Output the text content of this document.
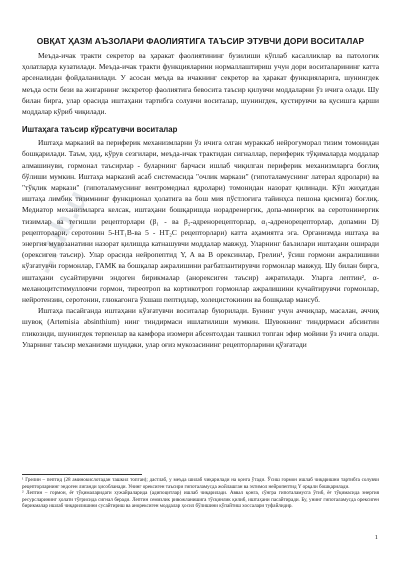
...ub.u
ОВҚАТ ҲАЗМ АЪЗОЛАРИ ФАОЛИЯТИГА ТАЪСИР ЭТУВЧИ ДОРИ ВОСИТАЛАР

Меъда-ичак тракти секретор ва ҳаракат фаолиятининг бузилиши кўплаб касалликлар ва патологик ҳолатларда кузатилади. Меъда-ичак тракти функцияларини нормаллаштириш учун дори воситаларининг катта арсеналидан фойдаланилади. У асосан меъда ва ичакнинг секретор ва ҳаракат функцияларига, шунингдек меъда ости бези ва жигарнинг экскретор фаолиятига бевосита таъсир қилувчи моддаларни ўз ичига олади. Шу билан бирга, улар орасида иштаҳани тартибга солувчи воситалар, шунингдек, қустирувчи ва қусишга қарши моддалар кўриб чиқилади.

Иштаҳага таъсир кўрсатувчи воситалар

Иштаҳа марказий ва периферик механизмларни ўз ичига олган мураккаб нейрогуморал тизим томонидан бошқарилади. Таъм, ҳид, кўрув сезгилари, меъда-ичак трактидан сигналлар, периферик тўқималарда моддалар алмашинуви, гормонал таъсирлар - буларнинг барчаси ишлаб чиқилган периферик механизмларга боғлиқ бўлиши мумкин. Иштаҳа марказий асаб системасида "очлик маркази" (гипоталамуснинг латерал ядролари) ва "тўқлик маркази" (гипоталамуснинг вентромедиал ядролари) томонидан назорат қилинади. Кўп жиҳатдан иштаҳа лимбик тизимнинг функционал ҳолатига ва бош мия пўстлоғига тайинҳса пешона қисмига) боғлиқ. Медиатор механизмларга келсак, иштаҳани бошқаришда норадренергик, допа-минергик ва серотонинергик тизимлар ва тегишли рецепторлари (β₁ - ва β₂-адренорецепторлар, α₁-адренорецепторлар, допамин Dj рецепторлари, серотонин 5-НТ₁В-ва 5 - НТ₂С рецепторлари) катта аҳамиятга эга. Организмда иштаҳа ва энергия мувозанатини назорат қилишда катнашувчи моддалар мавжуд. Уларнинг баъзилари иштаҳани оширади (орексиген таъсир). Улар орасида нейропептид Y, A ва В орексинлар, Грелин¹, ўсиш гормони ажралишини кўзғатувчи гормонлар, ГАМК ва бошқалар ажралишини рағбатлантирувчи гормонлар мавжуд. Шу билан бирга, иштаҳани сусайтирувчи эндоген бирикмалар (анорексиген таъсир) ажратилади. Уларга лептин², α-меланоцитстимулловчи гормон, тиреотроп ва кортикотроп гормонлар ажралишини кучайтирувчи гормонлар, нейротензин, серотонин, глюкагонга ўхшаш пептидлар, холецистокинин ва бошқалар мансуб.

Иштаҳа пасайганда иштаҳани кўзғатувчи воситалар буюрилади. Бунинг учун аччиқлар, масалан, аччиқ шувоқ (Artemisia absinthium) нинг тиндирмаси ишлатилиши мумкин. Шувокнинг тиндирмаси абсинтин гликозиди, шунингдек терпенлар ва камфора изомери абсентолдан ташкил топган эфир мойини ўз ичига олади. Уларнинг таъсир механизми шундаки, улар оғиз мукозасининг рецепторларини қўзғатади

¹ Грелин – пептид (28 аминокислотадан ташкил топган); дастлаб, у меъда шилаб чиқарилади на қонга ўтади. Ўсиш гормон ишлаб чиқаришни тартибга солувчи рецепторларнинг эндоген лиганди ҳисобланади. Унинг орексиген таъсири гипоталамусда жойлашган ва эхтимол нейропептид Y орқали бошқарилади.

² Лептин – гормон, ёғ тўқималаридаги хужайраларида (адипоцитлар) ишлаб чиқарилади. Аввал қонга, сўнгра гипоталамусга ўтиб, ёғ тўқимасида энергия ресурсларининг ҳолати тўғрисида сигнал беради. Лептин семизлик ривожланишига тўсқинлик қилиб, иштаҳани пасайтиради. Бу, унинг гипоталамусда орексиген бирикмалар ишлаб чиқарилишини сусайтириш ва анорексиген моддалар ҳосил бўлишини кўпайтиш хоссалари туфайлидир.

1
